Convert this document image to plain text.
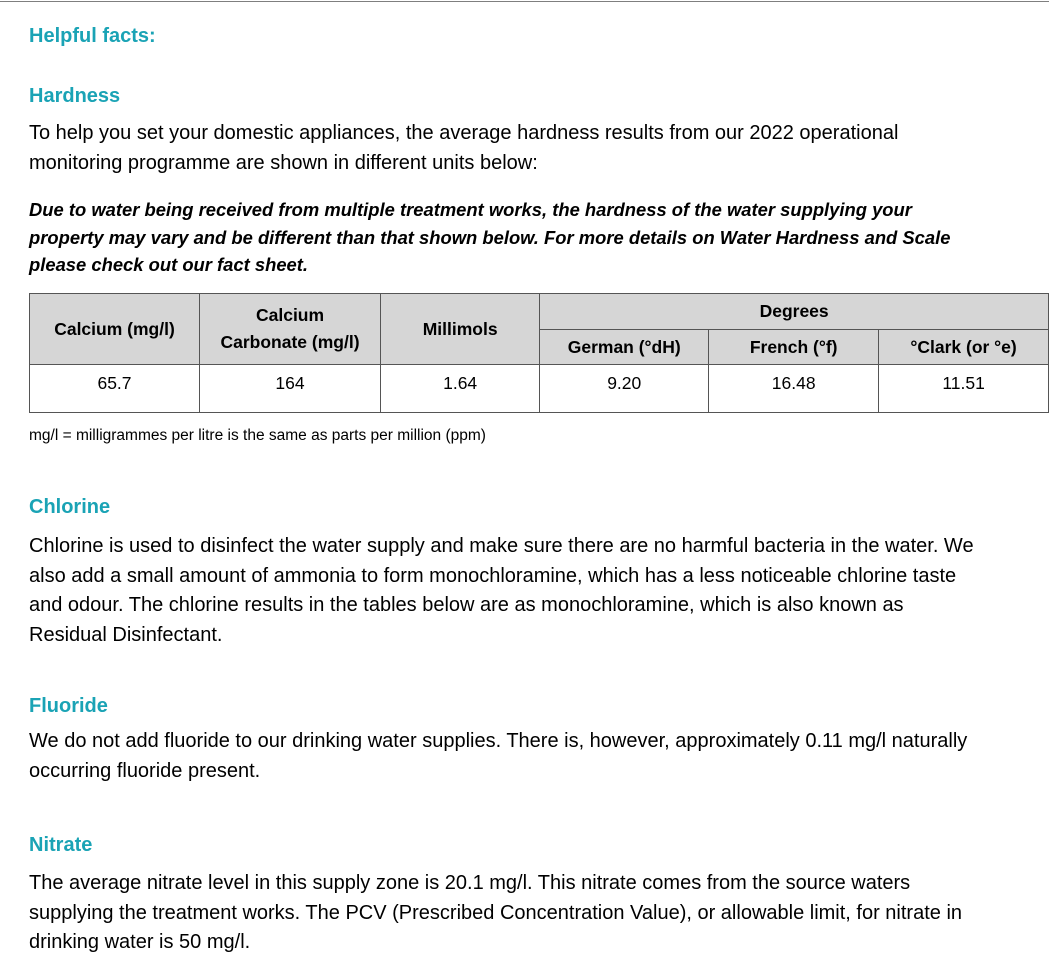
Helpful facts:
Hardness
To help you set your domestic appliances, the average hardness results from our 2022 operational
monitoring programme are shown in different units below:
Due to water being received from multiple treatment works, the hardness of the water supplying your
property may vary and be different than that shown below. For more details on Water Hardness and Scale
please check out our fact sheet.
Calcium (mg/l)	Calcium
Carbonate (mg/l)	Millimols	Degrees		
			German (°dH)	French (°f)	°Clark (or °e)
65.7	164	1.64	9.20	16.48	11.51
mg/l = milligrammes per litre is the same as parts per million (ppm)
Chlorine
Chlorine is used to disinfect the water supply and make sure there are no harmful bacteria in the water. We
also add a small amount of ammonia to form monochloramine, which has a less noticeable chlorine taste
and odour. The chlorine results in the tables below are as monochloramine, which is also known as
Residual Disinfectant.
Fluoride
We do not add fluoride to our drinking water supplies. There is, however, approximately 0.11 mg/l naturally
occurring fluoride present.
Nitrate
The average nitrate level in this supply zone is 20.1 mg/l. This nitrate comes from the source waters
supplying the treatment works. The PCV (Prescribed Concentration Value), or allowable limit, for nitrate in
drinking water is 50 mg/l.
